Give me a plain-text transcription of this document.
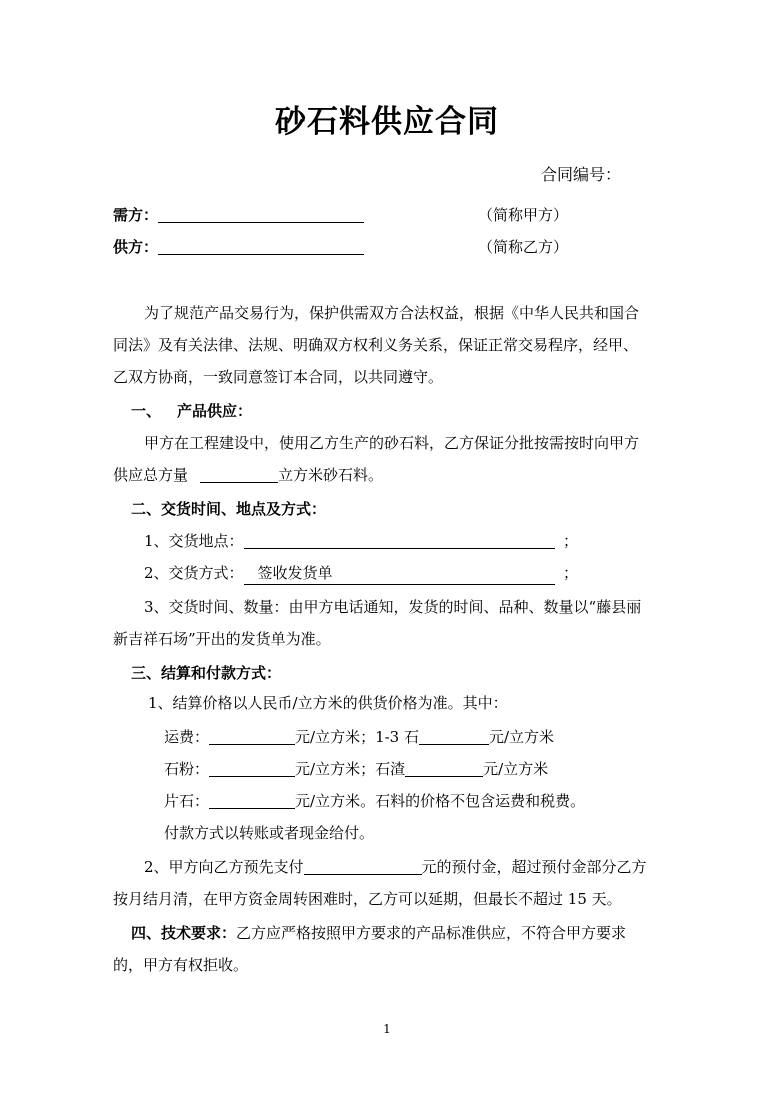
砂石料供应合同
合同编号：
需方：	（简称甲方）
供方：	（简称乙方）
为了规范产品交易行为，保护供需双方合法权益，根据《中华人民共和国合
同法》及有关法律、法规、明确双方权利义务关系，保证正常交易程序，经甲、
乙双方协商，一致同意签订本合同，以共同遵守。
一、 产品供应：
甲方在工程建设中，使用乙方生产的砂石料，乙方保证分批按需按时向甲方
供应总方量	立方米砂石料。
二、交货时间、地点及方式：
1、交货地点：	；
2、交货方式： 签收发货单	；
3、交货时间、数量：由甲方电话通知，发货的时间、品种、数量以“藤县丽
新吉祥石场”开出的发货单为准。
三、结算和付款方式：
1、结算价格以人民币/立方米的供货价格为准。其中：
运费：	元/立方米；1-3 石	元/立方米
石粉：	元/立方米；石渣	元/立方米
片石：	元/立方米。石料的价格不包含运费和税费。
付款方式以转账或者现金给付。
2、甲方向乙方预先支付	元的预付金，超过预付金部分乙方
按月结月清，在甲方资金周转困难时，乙方可以延期，但最长不超过 15 天。
四、技术要求：乙方应严格按照甲方要求的产品标准供应，不符合甲方要求
的，甲方有权拒收。
1
